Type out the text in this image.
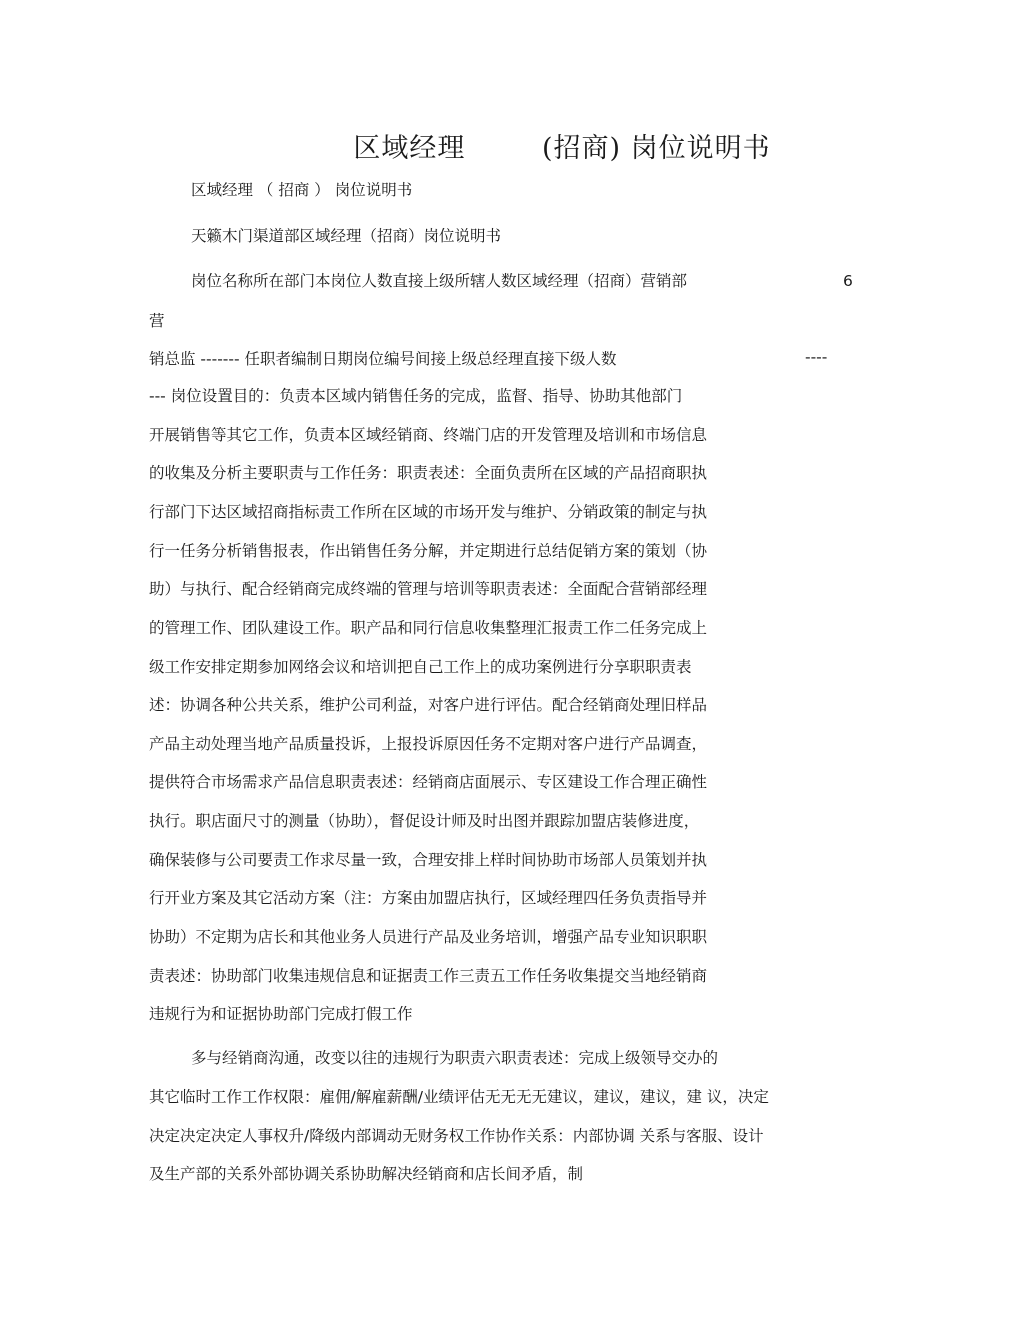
区域经理        (招商) 岗位说明书
区域经理 （ 招商 ） 岗位说明书
天籁木门渠道部区域经理（招商）岗位说明书
岗位名称所在部门本岗位人数直接上级所辖人数区域经理（招商）营销部	6
营
销总监 ------- 任职者编制日期岗位编号间接上级总经理直接下级人数	----
--- 岗位设置目的：负责本区域内销售任务的完成，监督、指导、协助其他部门
开展销售等其它工作，负责本区域经销商、终端门店的开发管理及培训和市场信息
的收集及分析主要职责与工作任务：职责表述：全面负责所在区域的产品招商职执
行部门下达区域招商指标责工作所在区域的市场开发与维护、分销政策的制定与执
行一任务分析销售报表，作出销售任务分解，并定期进行总结促销方案的策划（协
助）与执行、配合经销商完成终端的管理与培训等职责表述：全面配合营销部经理
的管理工作、团队建设工作。职产品和同行信息收集整理汇报责工作二任务完成上
级工作安排定期参加网络会议和培训把自己工作上的成功案例进行分享职职责表
述：协调各种公共关系，维护公司利益，对客户进行评估。配合经销商处理旧样品
产品主动处理当地产品质量投诉，上报投诉原因任务不定期对客户进行产品调查，
提供符合市场需求产品信息职责表述：经销商店面展示、专区建设工作合理正确性
执行。职店面尺寸的测量（协助），督促设计师及时出图并跟踪加盟店装修进度，
确保装修与公司要责工作求尽量一致，合理安排上样时间协助市场部人员策划并执
行开业方案及其它活动方案（注：方案由加盟店执行，区域经理四任务负责指导并
协助）不定期为店长和其他业务人员进行产品及业务培训，增强产品专业知识职职
责表述：协助部门收集违规信息和证据责工作三责五工作任务收集提交当地经销商
违规行为和证据协助部门完成打假工作
多与经销商沟通，改变以往的违规行为职责六职责表述：完成上级领导交办的
其它临时工作工作权限：雇佣/解雇薪酬/业绩评估无无无无建议，建议，建议，建 议，决定
决定决定决定人事权升/降级内部调动无财务权工作协作关系：内部协调 关系与客服、设计
及生产部的关系外部协调关系协助解决经销商和店长间矛盾，制
